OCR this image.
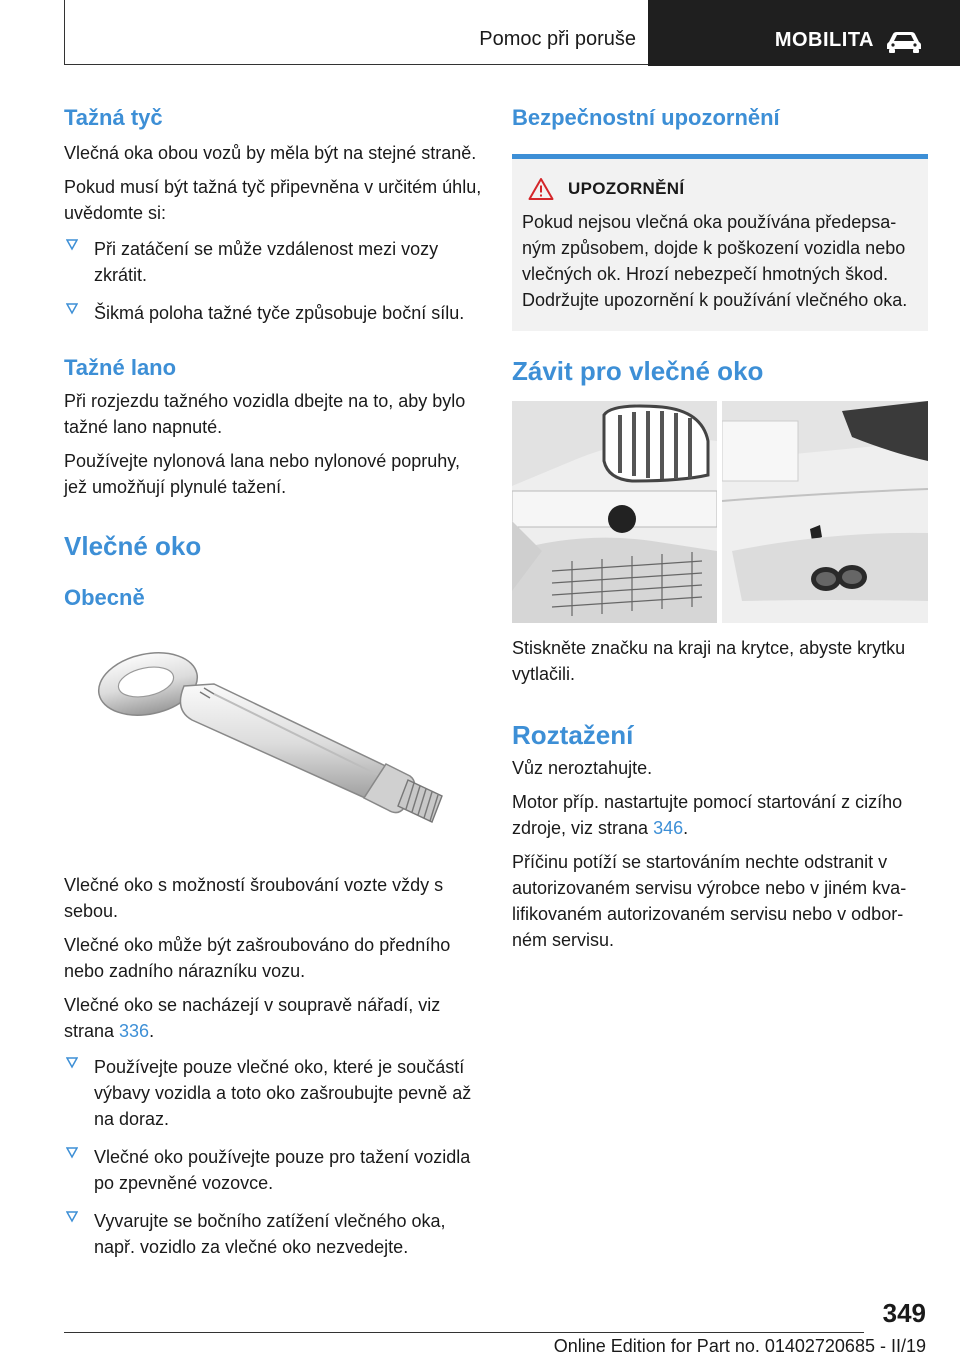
Pomoc při poruše	MOBILITA
Tažná tyč

Vlečná oka obou vozů by měla být na stejné straně.

Pokud musí být tažná tyč připevněna v určitém úhlu, uvědomte si:

Při zatáčení se může vzdálenost mezi vozy zkrátit.
Šikmá poloha tažné tyče způsobuje boční sílu.
Tažné lano

Při rozjezdu tažného vozidla dbejte na to, aby bylo tažné lano napnuté.

Používejte nylonová lana nebo nylonové popruhy, jež umožňují plynulé tažení.

Vlečné oko
Obecně

Vlečné oko s možností šroubování vozte vždy s sebou.

Vlečné oko může být zašroubováno do předního nebo zadního nárazníku vozu.

Vlečné oko se nacházejí v soupravě nářadí, viz strana 336.

Používejte pouze vlečné oko, které je součástí výbavy vozidla a toto oko zašroubujte pevně až na doraz.
Vlečné oko používejte pouze pro tažení vozidla po zpevněné vozovce.
Vyvarujte se bočního zatížení vlečného oka, např. vozidlo za vlečné oko nezvedejte.
Bezpečnostní upozornění
UPOZORNĚNÍ

Pokud nejsou vlečná oka používána předepsaným způsobem, dojde k poškození vozidla nebo vlečných ok. Hrozí nebezpečí hmotných škod. Dodržujte upozornění k používání vlečného oka.

Závit pro vlečné oko

Stiskněte značku na kraji na krytce, abyste krytku vytlačili.

Roztažení

Vůz neroztahujte.

Motor příp. nastartujte pomocí startování z cizího zdroje, viz strana 346.

Příčinu potíží se startováním nechte odstranit v autorizovaném servisu výrobce nebo v jiném kvalifikovaném autorizovaném servisu nebo v odborném servisu.

349
Online Edition for Part no. 01402720685 - II/19
